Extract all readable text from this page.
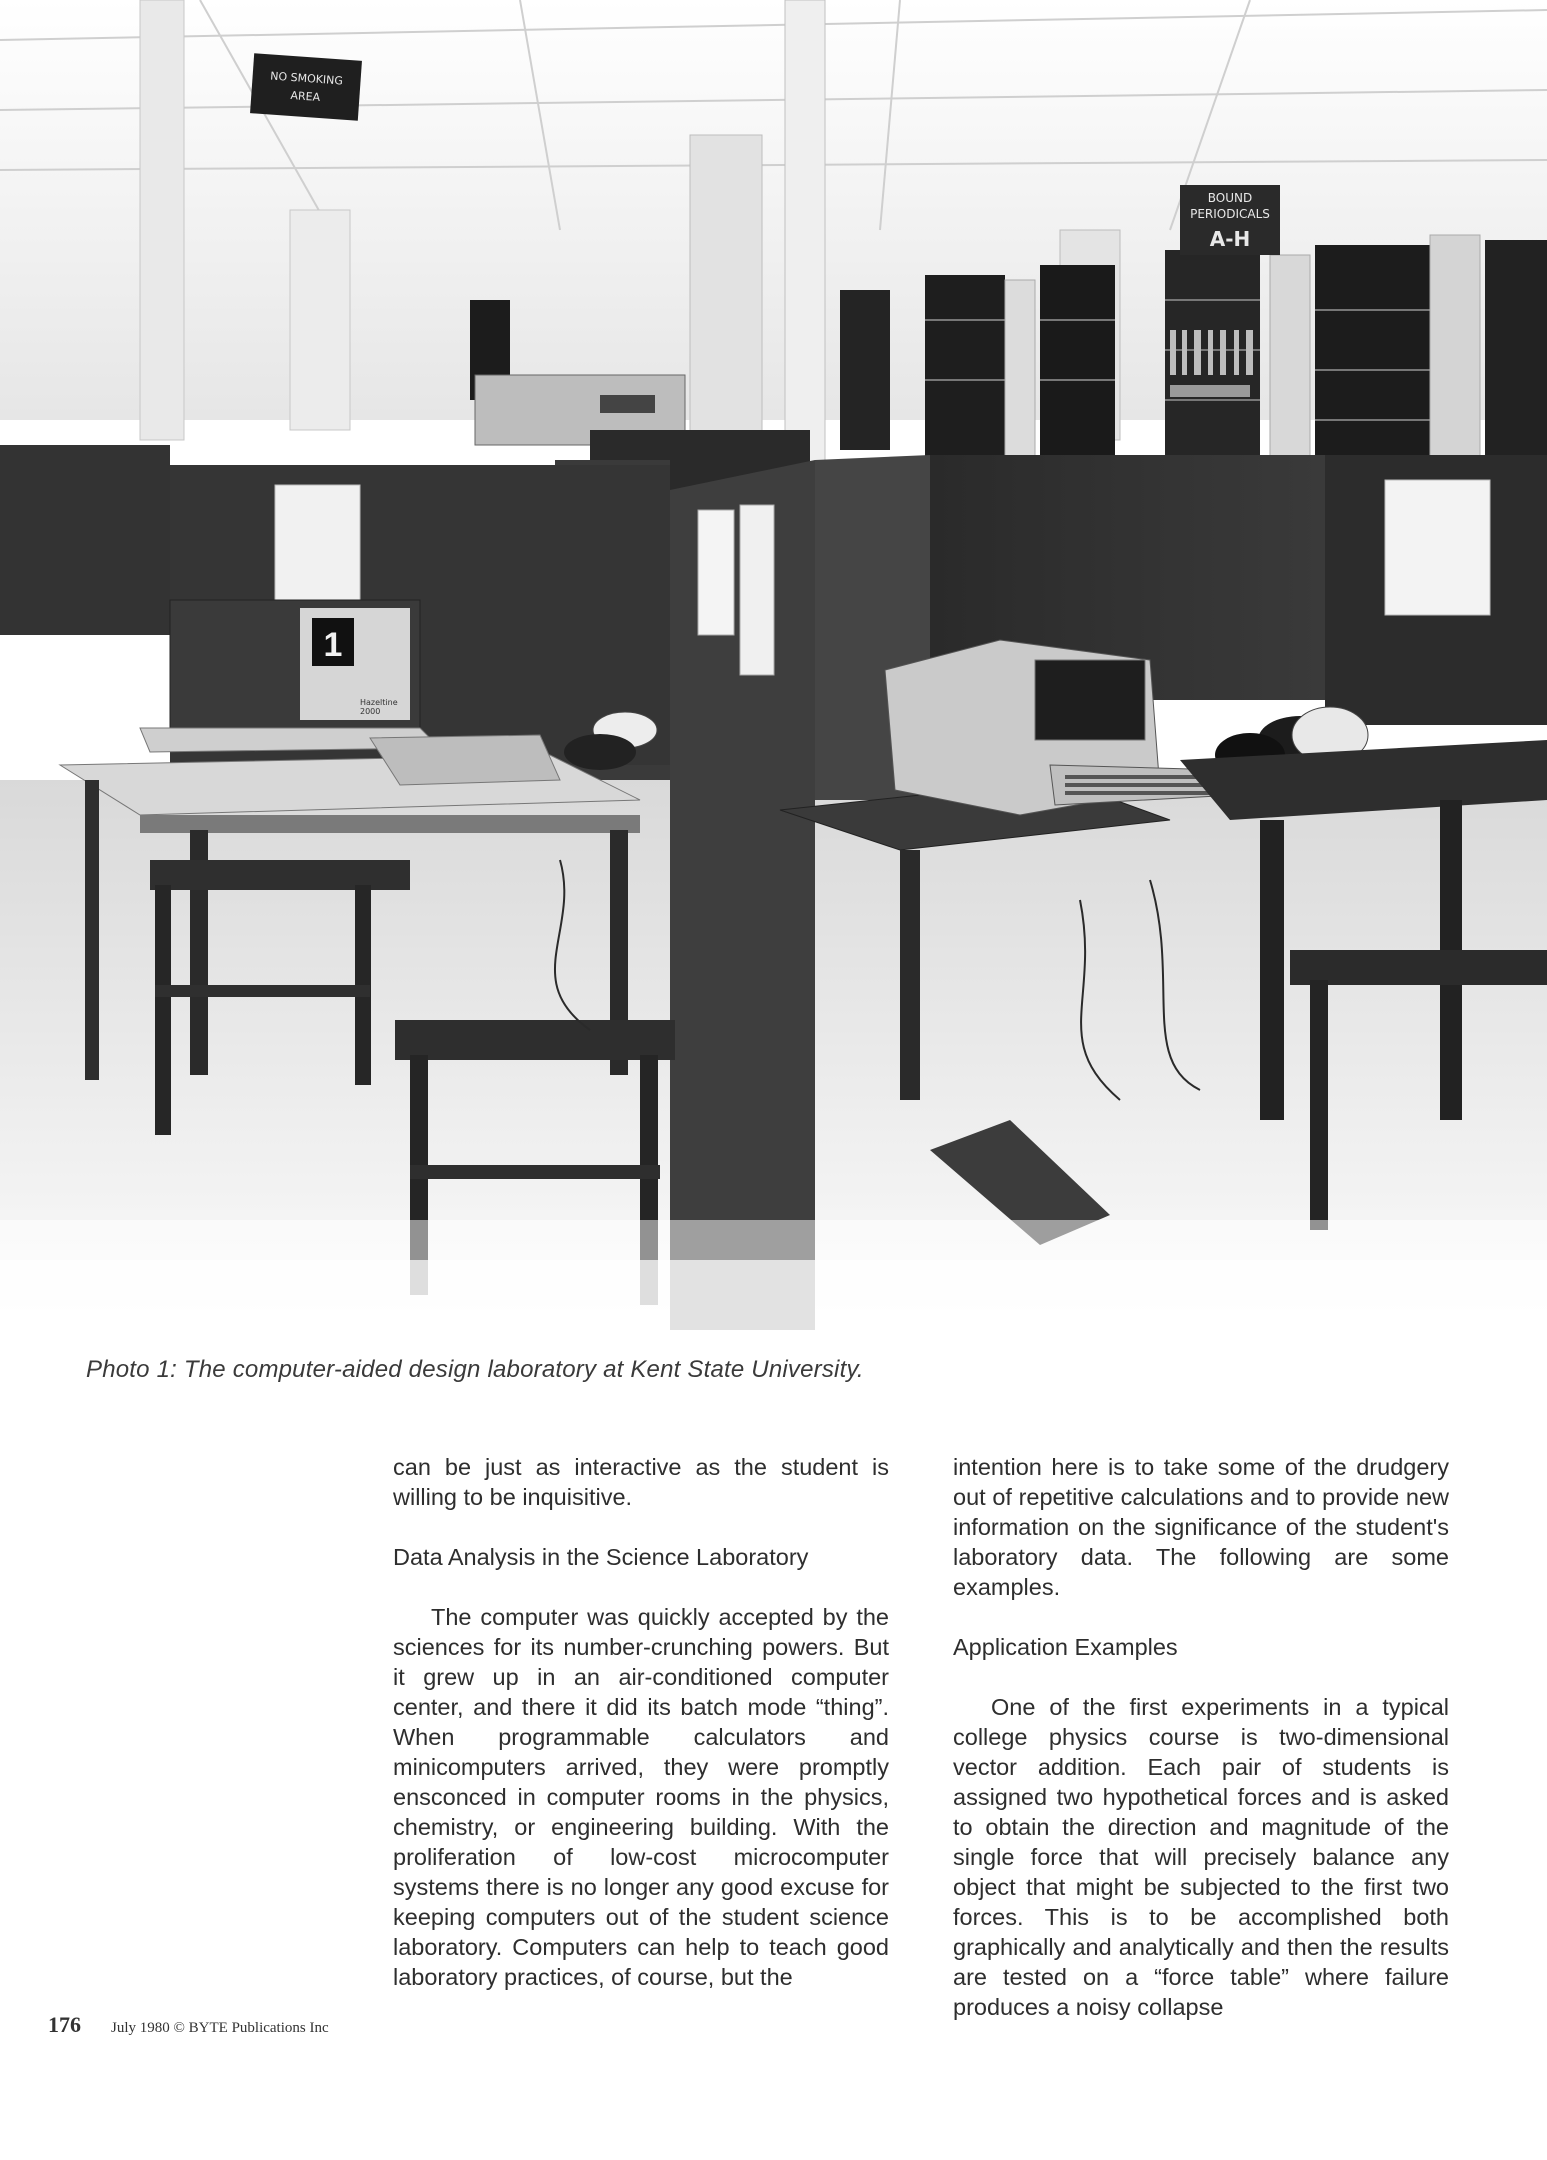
NO SMOKING
AREA
BOUND
PERIODICALS
A-H
1
Hazeltine
2000
Photo 1: The computer-aided design laboratory at Kent State University.

can be just as interactive as the student is willing to be inquisitive.

Data Analysis in the Science Laboratory

The computer was quickly accepted by the sciences for its number-crunching powers. But it grew up in an air-conditioned computer center, and there it did its batch mode “thing”. When programmable calculators and minicomputers arrived, they were promptly ensconced in computer rooms in the physics, chemistry, or engineering building. With the proliferation of low-cost microcomputer systems there is no longer any good excuse for keeping computers out of the student science laboratory. Computers can help to teach good laboratory practices, of course, but the

intention here is to take some of the drudgery out of repetitive calculations and to provide new information on the significance of the student's laboratory data. The following are some examples.

Application Examples

One of the first experiments in a typical college physics course is two-dimensional vector addition. Each pair of students is assigned two hypothetical forces and is asked to obtain the direction and magnitude of the single force that will precisely balance any object that might be subjected to the first two forces. This is to be accomplished both graphically and analytically and then the results are tested on a “force table” where failure produces a noisy collapse

176 July 1980 © BYTE Publications Inc
